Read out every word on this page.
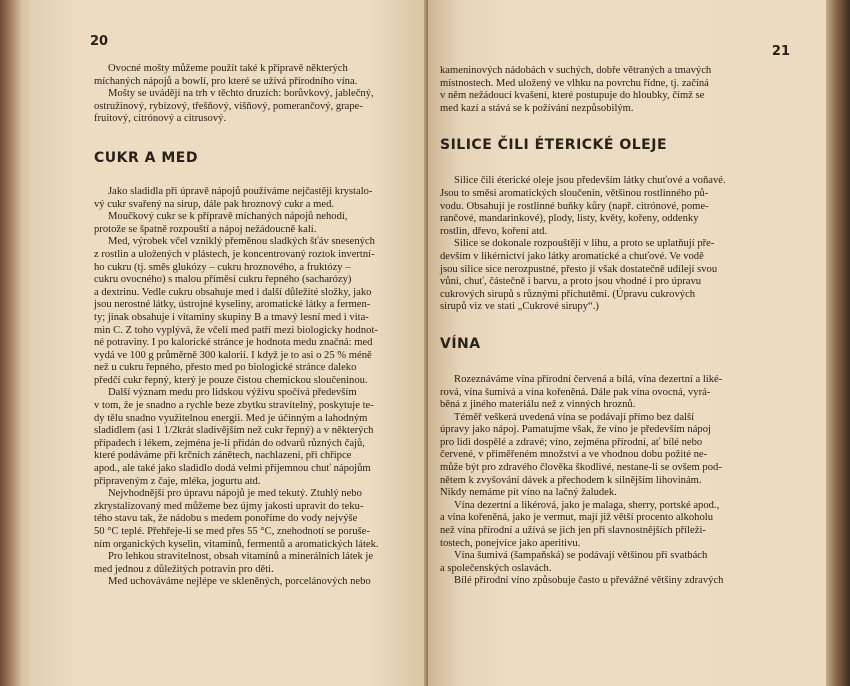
20
Ovocné mošty můžeme použít také k přípravě některých
míchaných nápojů a bowlí, pro které se užívá přírodního vína.
Mošty se uvádějí na trh v těchto druzích: borůvkový, jablečný,
ostružinový, rybízový, třešňový, višňový, pomerančový, grape-
fruitový, citrónový a citrusový.
CUKR A MED
Jako sladidla při úpravě nápojů používáme nejčastěji krystalo-
vý cukr svařený na sirup, dále pak hroznový cukr a med.
Moučkový cukr se k přípravě míchaných nápojů nehodí,
protože se špatně rozpouští a nápoj nežádoucně kalí.
Med, výrobek včel vzniklý přeměnou sladkých šťáv snesených
z rostlin a uložených v plástech, je koncentrovaný roztok invertní-
ho cukru (tj. směs glukózy – cukru hroznového, a fruktózy –
cukru ovocného) s malou příměsí cukru řepného (sacharózy)
a dextrinu. Vedle cukru obsahuje med i další důležité složky, jako
jsou nerostné látky, ústrojné kyseliny, aromatické látky a fermen-
ty; jinak obsahuje i vitaminy skupiny B a tmavý lesní med i vita-
min C. Z toho vyplývá, že včelí med patří mezi biologicky hodnot-
né potraviny. I po kalorické stránce je hodnota medu značná: med
vydá ve 100 g průměrně 300 kalorií. I když je to asi o 25 % méně
než u cukru řepného, přesto med po biologické stránce daleko
předčí cukr řepný, který je pouze čistou chemickou sloučeninou.
Další význam medu pro lidskou výživu spočívá především
v tom, že je snadno a rychle beze zbytku stravitelný, poskytuje te-
dy tělu snadno využitelnou energii. Med je účinným a lahodným
sladidlem (asi 1 1/2krát sladivějším než cukr řepný) a v některých
případech i lékem, zejména je-li přidán do odvarů různých čajů,
které podáváme při krčních zánětech, nachlazení, při chřipce
apod., ale také jako sladidlo dodá velmi příjemnou chuť nápojům
připraveným z čaje, mléka, jogurtu atd.
Nejvhodnější pro úpravu nápojů je med tekutý. Ztuhlý nebo
zkrystalizovaný med můžeme bez újmy jakosti upravit do teku-
tého stavu tak, že nádobu s medem ponoříme do vody nejvýše
50 °C teplé. Přehřeje-li se med přes 55 °C, znehodnotí se poruše-
ním organických kyselin, vitamínů, fermentů a aromatických látek.
Pro lehkou stravitelnost, obsah vitamínů a minerálních látek je
med jednou z důležitých potravin pro děti.
Med uchováváme nejlépe ve skleněných, porcelánových nebo
21
kameninových nádobách v suchých, dobře větraných a tmavých
místnostech. Med uložený ve vlhku na povrchu řídne, tj. začíná
v něm nežádoucí kvašení, které postupuje do hloubky, čímž se
med kazí a stává se k požívání nezpůsobilým.
SILICE ČILI ÉTERICKÉ OLEJE
Silice čili éterické oleje jsou především látky chuťové a voňavé.
Jsou to směsi aromatických sloučenin, většinou rostlinného pů-
vodu. Obsahují je rostlinné buňky kůry (např. citrónové, pome-
rančové, mandarinkové), plody, listy, květy, kořeny, oddenky
rostlin, dřevo, koření atd.
Silice se dokonale rozpouštějí v lihu, a proto se uplatňují pře-
devším v likérnictví jako látky aromatické a chuťové. Ve vodě
jsou silice sice nerozpustné, přesto jí však dostatečně udílejí svou
vůni, chuť, částečně i barvu, a proto jsou vhodné i pro úpravu
cukrových sirupů s různými příchutěmi. (Úpravu cukrových
sirupů viz ve stati „Cukrové sirupy“.)
VÍNA
Rozeznáváme vína přírodní červená a bílá, vína dezertní a liké-
rová, vína šumivá a vína kořeněná. Dále pak vína ovocná, vyrá-
běná z jiného materiálu než z vinných hroznů.
Téměř veškerá uvedená vína se podávají přímo bez další
úpravy jako nápoj. Pamatujme však, že víno je především nápoj
pro lidi dospělé a zdravé; víno, zejména přírodní, ať bílé nebo
červené, v přiměřeném množství a ve vhodnou dobu požité ne-
může být pro zdravého člověka škodlivé, nestane-li se ovšem pod-
nětem k zvyšování dávek a přechodem k silnějším lihovinám.
Nikdy nemáme pít víno na lačný žaludek.
Vína dezertní a likérová, jako je malaga, sherry, portské apod.,
a vína kořeněná, jako je vermut, mají již větší procento alkoholu
než vína přírodní a užívá se jich jen při slavnostnějších příleži-
tostech, ponejvíce jako aperitivu.
Vína šumivá (šampaňská) se podávají většinou při svatbách
a společenských oslavách.
Bílé přírodní víno způsobuje často u převážné většiny zdravých
